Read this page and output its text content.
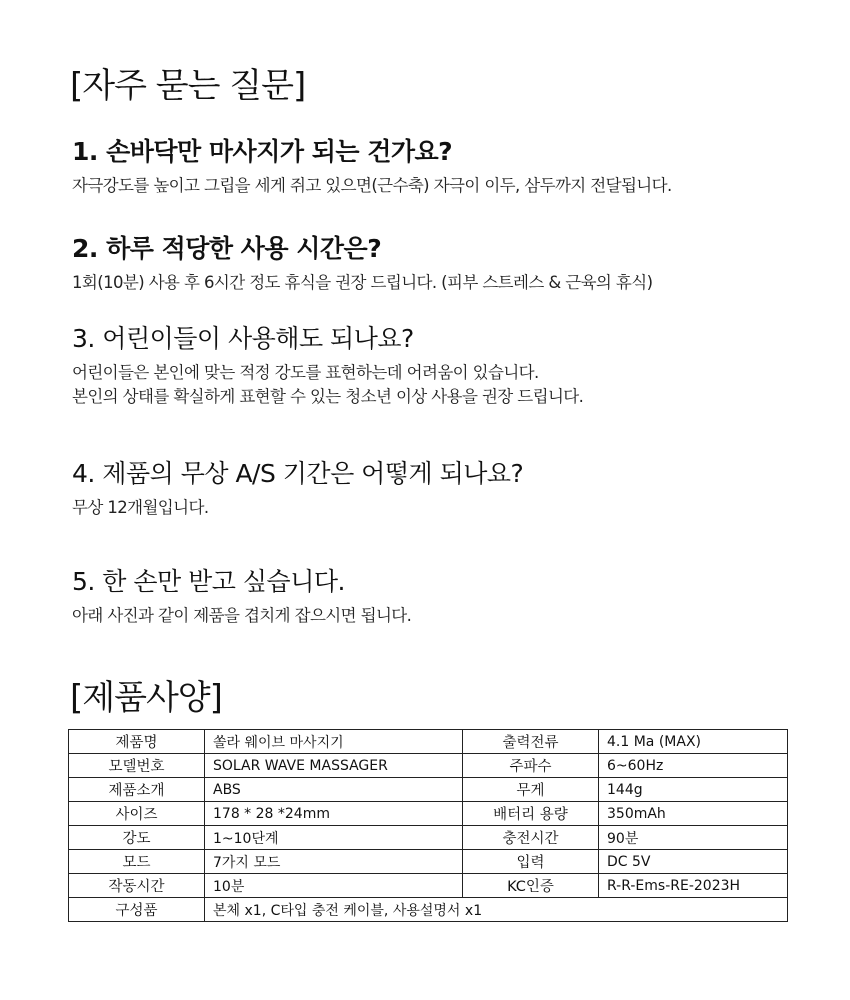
[자주 묻는 질문]
1. 손바닥만 마사지가 되는 건가요?

자극강도를 높이고 그립을 세게 쥐고 있으면(근수축) 자극이 이두, 삼두까지 전달됩니다.

2. 하루 적당한 사용 시간은?

1회(10분) 사용 후 6시간 정도 휴식을 권장 드립니다. (피부 스트레스 & 근육의 휴식)

3. 어린이들이 사용해도 되나요?

어린이들은 본인에 맞는 적정 강도를 표현하는데 어려움이 있습니다.

본인의 상태를 확실하게 표현할 수 있는 청소년 이상 사용을 권장 드립니다.

4. 제품의 무상 A/S 기간은 어떻게 되나요?

무상 12개월입니다.

5. 한 손만 받고 싶습니다.

아래 사진과 같이 제품을 겹치게 잡으시면 됩니다.

[제품사양]
제품명	쏠라 웨이브 마사지기	출력전류	4.1 Ma (MAX)
모델번호	SOLAR WAVE MASSAGER	주파수	6~60Hz
제품소개	ABS	무게	144g
사이즈	178 * 28 *24mm	배터리 용량	350mAh
강도	1~10단계	충전시간	90분
모드	7가지 모드	입력	DC 5V
작동시간	10분	KC인증	R-R-Ems-RE-2023H
구성품	본체 x1, C타입 충전 케이블, 사용설명서 x1		
